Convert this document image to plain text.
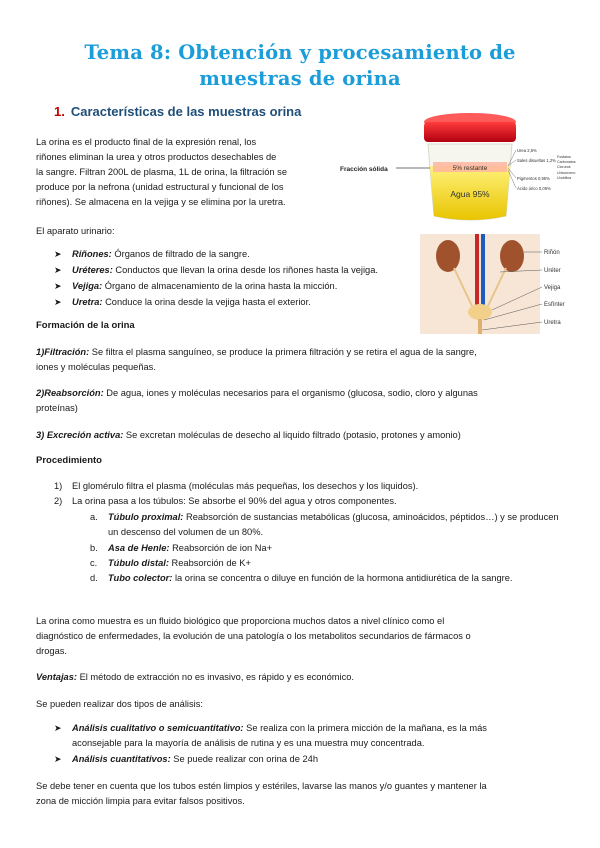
Tema 8: Obtención y procesamiento de muestras de orina
1. Características de las muestras orina
La orina es el producto final de la expresión renal, los
riñones eliminan la urea y otros productos desechables de
la sangre. Filtran 200L de plasma, 1L de orina, la filtración se
produce por la nefrona (unidad estructural y funcional de los
riñones). Se almacena en la vejiga y se elimina por la uretra.
5% restante
Agua 95%
Fracción sólida
Urea 2,5%
Sales disueltas 1,2%
Pigmentos 0,95%
Ácido úrico 0,05%
Fosfatos
Carbonatos
Cloruros
Uricocromo
Urobilina
El aparato urinario:
➤ Riñones: Órganos de filtrado de la sangre.
➤ Uréteres: Conductos que llevan la orina desde los riñones hasta la vejiga.
➤ Vejiga: Órgano de almacenamiento de la orina hasta la micción.
➤ Uretra: Conduce la orina desde la vejiga hasta el exterior.
Riñón
Uréter
Vejiga
Esfínter
Uretra
Formación de la orina
1)Filtración: Se filtra el plasma sanguíneo, se produce la primera filtración y se retira el agua de la sangre,
iones y moléculas pequeñas.
2)Reabsorción: De agua, iones y moléculas necesarios para el organismo (glucosa, sodio, cloro y algunas
proteínas)
3) Excreción activa: Se excretan moléculas de desecho al liquido filtrado (potasio, protones y amonio)
Procedimiento
1) El glomérulo filtra el plasma (moléculas más pequeñas, los desechos y los liquidos).
2) La orina pasa a los túbulos: Se absorbe el 90% del agua y otros componentes.
a. Túbulo proximal: Reabsorción de sustancias metabólicas (glucosa, aminoácidos, péptidos…) y se producen un descenso del volumen de un 80%.
b. Asa de Henle: Reabsorción de ion Na+
c. Túbulo distal: Reabsorción de K+
d. Tubo colector: la orina se concentra o diluye en función de la hormona antidiurética de la sangre.
La orina como muestra es un fluido biológico que proporciona muchos datos a nivel clínico como el
diagnóstico de enfermedades, la evolución de una patología o los metabolitos secundarios de fármacos o
drogas.
Ventajas: El método de extracción no es invasivo, es rápido y es económico.
Se pueden realizar dos tipos de análisis:
➤ Análisis cualitativo o semicuantitativo: Se realiza con la primera micción de la mañana, es la más
aconsejable para la mayoría de análisis de rutina y es una muestra muy concentrada.
➤ Análisis cuantitativos: Se puede realizar con orina de 24h
Se debe tener en cuenta que los tubos estén limpios y estériles, lavarse las manos y/o guantes y mantener la
zona de micción limpia para evitar falsos positivos.
